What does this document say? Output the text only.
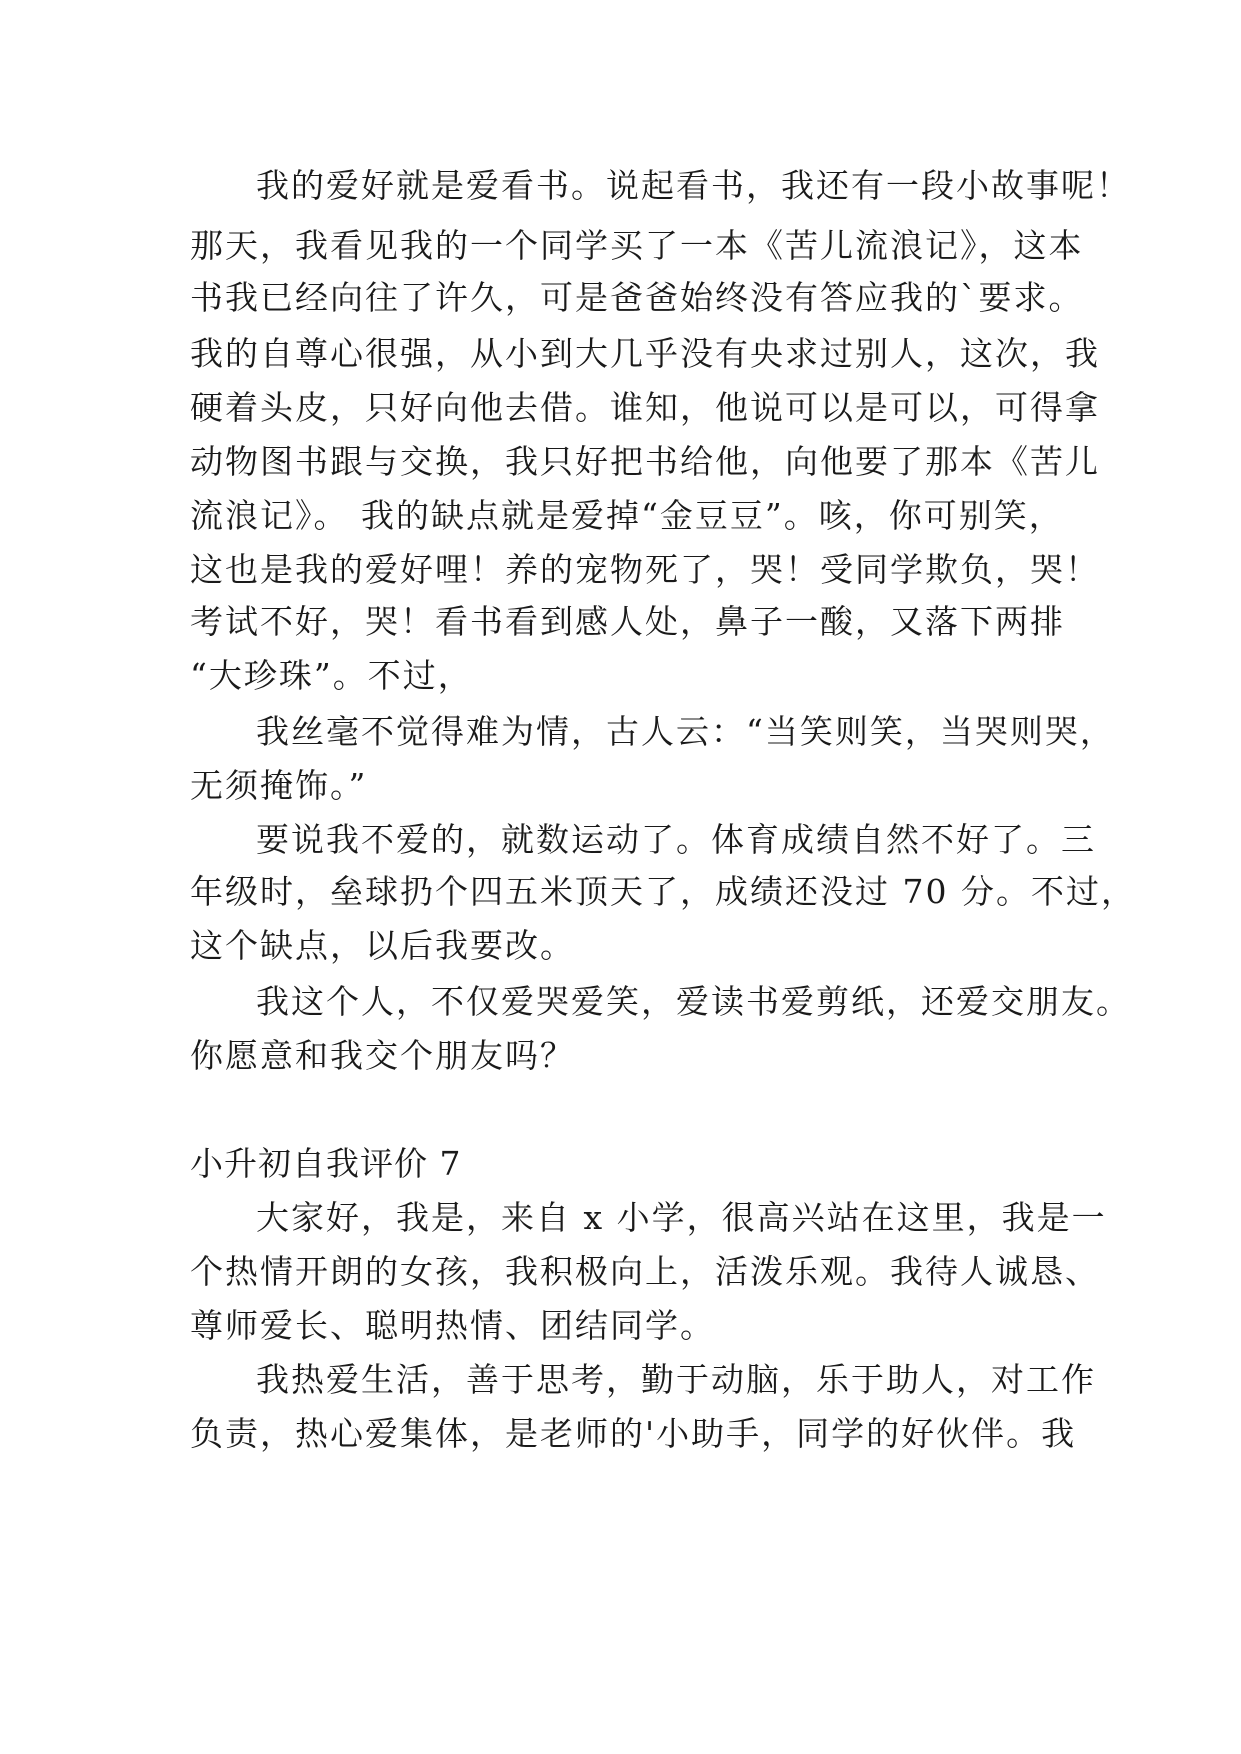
我的爱好就是爱看书。说起看书，我还有一段小故事呢！
那天，我看见我的一个同学买了一本《苦儿流浪记》，这本
书我已经向往了许久，可是爸爸始终没有答应我的`要求。
我的自尊心很强，从小到大几乎没有央求过别人，这次，我
硬着头皮，只好向他去借。谁知，他说可以是可以，可得拿
动物图书跟与交换，我只好把书给他，向他要了那本《苦儿
流浪记》。 我的缺点就是爱掉“金豆豆”。咳，你可别笑，
这也是我的爱好哩！养的宠物死了，哭！受同学欺负，哭！
考试不好，哭！看书看到感人处，鼻子一酸，又落下两排
“大珍珠”。不过，
我丝毫不觉得难为情，古人云：“当笑则笑，当哭则哭，
无须掩饰。”
要说我不爱的，就数运动了。体育成绩自然不好了。三
年级时，垒球扔个四五米顶天了，成绩还没过 70 分。不过，
这个缺点，以后我要改。
我这个人，不仅爱哭爱笑，爱读书爱剪纸，还爱交朋友。
你愿意和我交个朋友吗？
小升初自我评价 7
大家好，我是，来自 x 小学，很高兴站在这里，我是一
个热情开朗的女孩，我积极向上，活泼乐观。我待人诚恳、
尊师爱长、聪明热情、团结同学。
我热爱生活，善于思考，勤于动脑，乐于助人，对工作
负责，热心爱集体，是老师的'小助手，同学的好伙伴。我
